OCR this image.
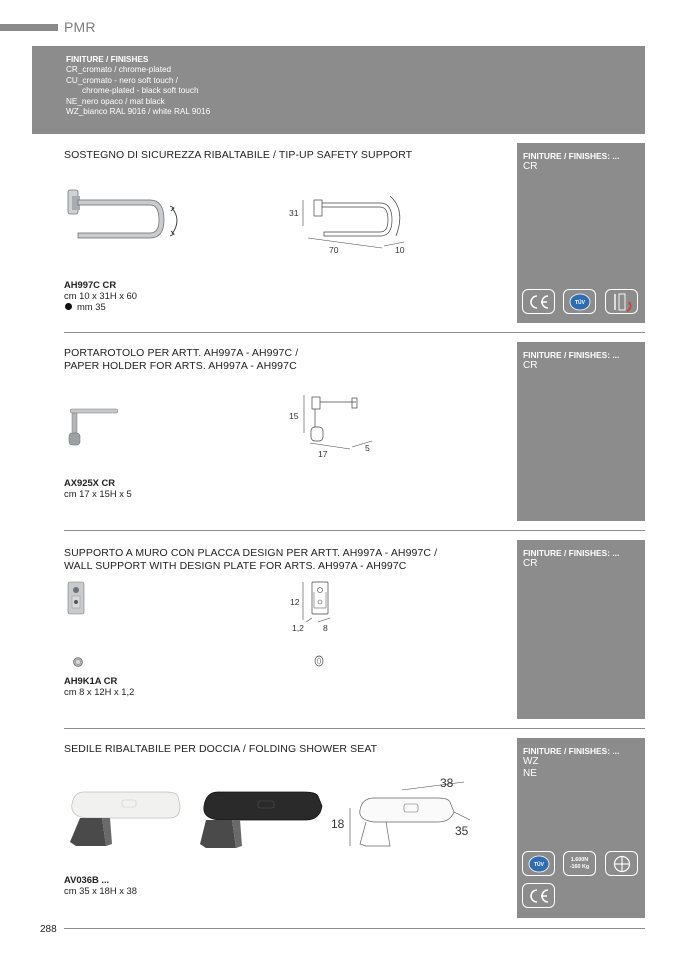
PMR
FINITURE / FINISHES
CR_cromato / chrome-plated
CU_cromato - nero soft touch /
chrome-plated - black soft touch
NE_nero opaco / mat black
WZ_bianco RAL 9016 / white RAL 9016
SOSTEGNO DI SICUREZZA RIBALTABILE / TIP-UP SAFETY SUPPORT
AH997C CR
cm 10 x 31H x 60
mm 35
31
70	10
FINITURE / FINISHES: ...
CR
TÜV
PORTAROTOLO PER ARTT. AH997A - AH997C /
PAPER HOLDER FOR ARTS. AH997A - AH997C
AX925X CR
cm 17 x 15H x 5
15
17
5
FINITURE / FINISHES: ...
CR
SUPPORTO A MURO CON PLACCA DESIGN PER ARTT. AH997A - AH997C /
WALL SUPPORT WITH DESIGN PLATE FOR ARTS. AH997A - AH997C
AH9K1A CR
cm 8 x 12H x 1,2
12
1,2 8
FINITURE / FINISHES: ...
CR
SEDILE RIBALTABILE PER DOCCIA / FOLDING SHOWER SEAT
AV036B ...
cm 35 x 18H x 38
38
18	35
FINITURE / FINISHES: ...
WZ
NE
TÜV
1.600N
-160 Kg
288
